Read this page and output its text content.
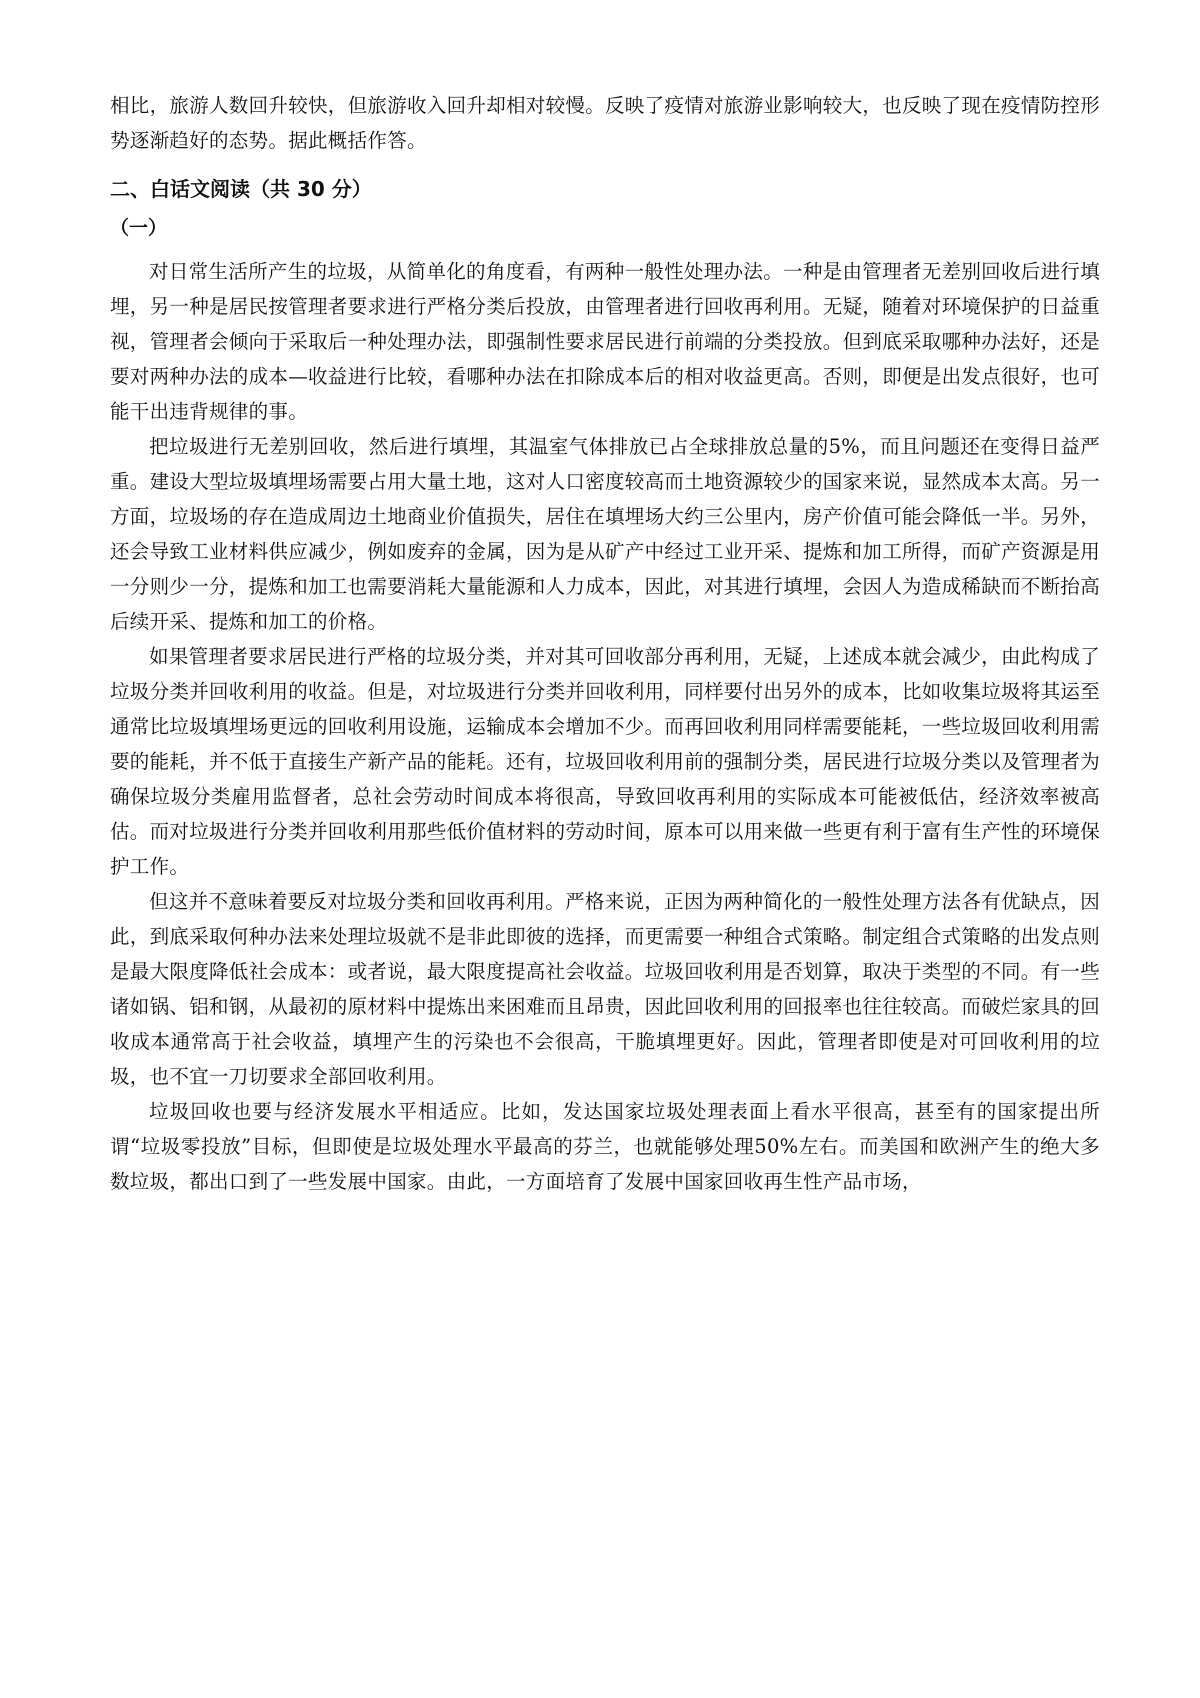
相比，旅游人数回升较快，但旅游收入回升却相对较慢。反映了疫情对旅游业影响较大，也反映了现在疫情防控形势逐渐趋好的态势。据此概括作答。

二、白话文阅读（共 30 分）
（一）

对日常生活所产生的垃圾，从简单化的角度看，有两种一般性处理办法。一种是由管理者无差别回收后进行填埋，另一种是居民按管理者要求进行严格分类后投放，由管理者进行回收再利用。无疑，随着对环境保护的日益重视，管理者会倾向于采取后一种处理办法，即强制性要求居民进行前端的分类投放。但到底采取哪种办法好，还是要对两种办法的成本—收益进行比较，看哪种办法在扣除成本后的相对收益更高。否则，即便是出发点很好，也可能干出违背规律的事。

把垃圾进行无差别回收，然后进行填埋，其温室气体排放已占全球排放总量的5%，而且问题还在变得日益严重。建设大型垃圾填埋场需要占用大量土地，这对人口密度较高而土地资源较少的国家来说，显然成本太高。另一方面，垃圾场的存在造成周边土地商业价值损失，居住在填埋场大约三公里内，房产价值可能会降低一半。另外，还会导致工业材料供应减少，例如废弃的金属，因为是从矿产中经过工业开采、提炼和加工所得，而矿产资源是用一分则少一分，提炼和加工也需要消耗大量能源和人力成本，因此，对其进行填埋，会因人为造成稀缺而不断抬高后续开采、提炼和加工的价格。

如果管理者要求居民进行严格的垃圾分类，并对其可回收部分再利用，无疑，上述成本就会减少，由此构成了垃圾分类并回收利用的收益。但是，对垃圾进行分类并回收利用，同样要付出另外的成本，比如收集垃圾将其运至通常比垃圾填埋场更远的回收利用设施，运输成本会增加不少。而再回收利用同样需要能耗，一些垃圾回收利用需要的能耗，并不低于直接生产新产品的能耗。还有，垃圾回收利用前的强制分类，居民进行垃圾分类以及管理者为确保垃圾分类雇用监督者，总社会劳动时间成本将很高，导致回收再利用的实际成本可能被低估，经济效率被高估。而对垃圾进行分类并回收利用那些低价值材料的劳动时间，原本可以用来做一些更有利于富有生产性的环境保护工作。

但这并不意味着要反对垃圾分类和回收再利用。严格来说，正因为两种简化的一般性处理方法各有优缺点，因此，到底采取何种办法来处理垃圾就不是非此即彼的选择，而更需要一种组合式策略。制定组合式策略的出发点则是最大限度降低社会成本：或者说，最大限度提高社会收益。垃圾回收利用是否划算，取决于类型的不同。有一些诸如锅、铝和钢，从最初的原材料中提炼出来困难而且昂贵，因此回收利用的回报率也往往较高。而破烂家具的回收成本通常高于社会收益，填埋产生的污染也不会很高，干脆填埋更好。因此，管理者即使是对可回收利用的垃圾，也不宜一刀切要求全部回收利用。

垃圾回收也要与经济发展水平相适应。比如，发达国家垃圾处理表面上看水平很高，甚至有的国家提出所谓“垃圾零投放”目标，但即使是垃圾处理水平最高的芬兰，也就能够处理50%左右。而美国和欧洲产生的绝大多数垃圾，都出口到了一些发展中国家。由此，一方面培育了发展中国家回收再生性产品市场，
